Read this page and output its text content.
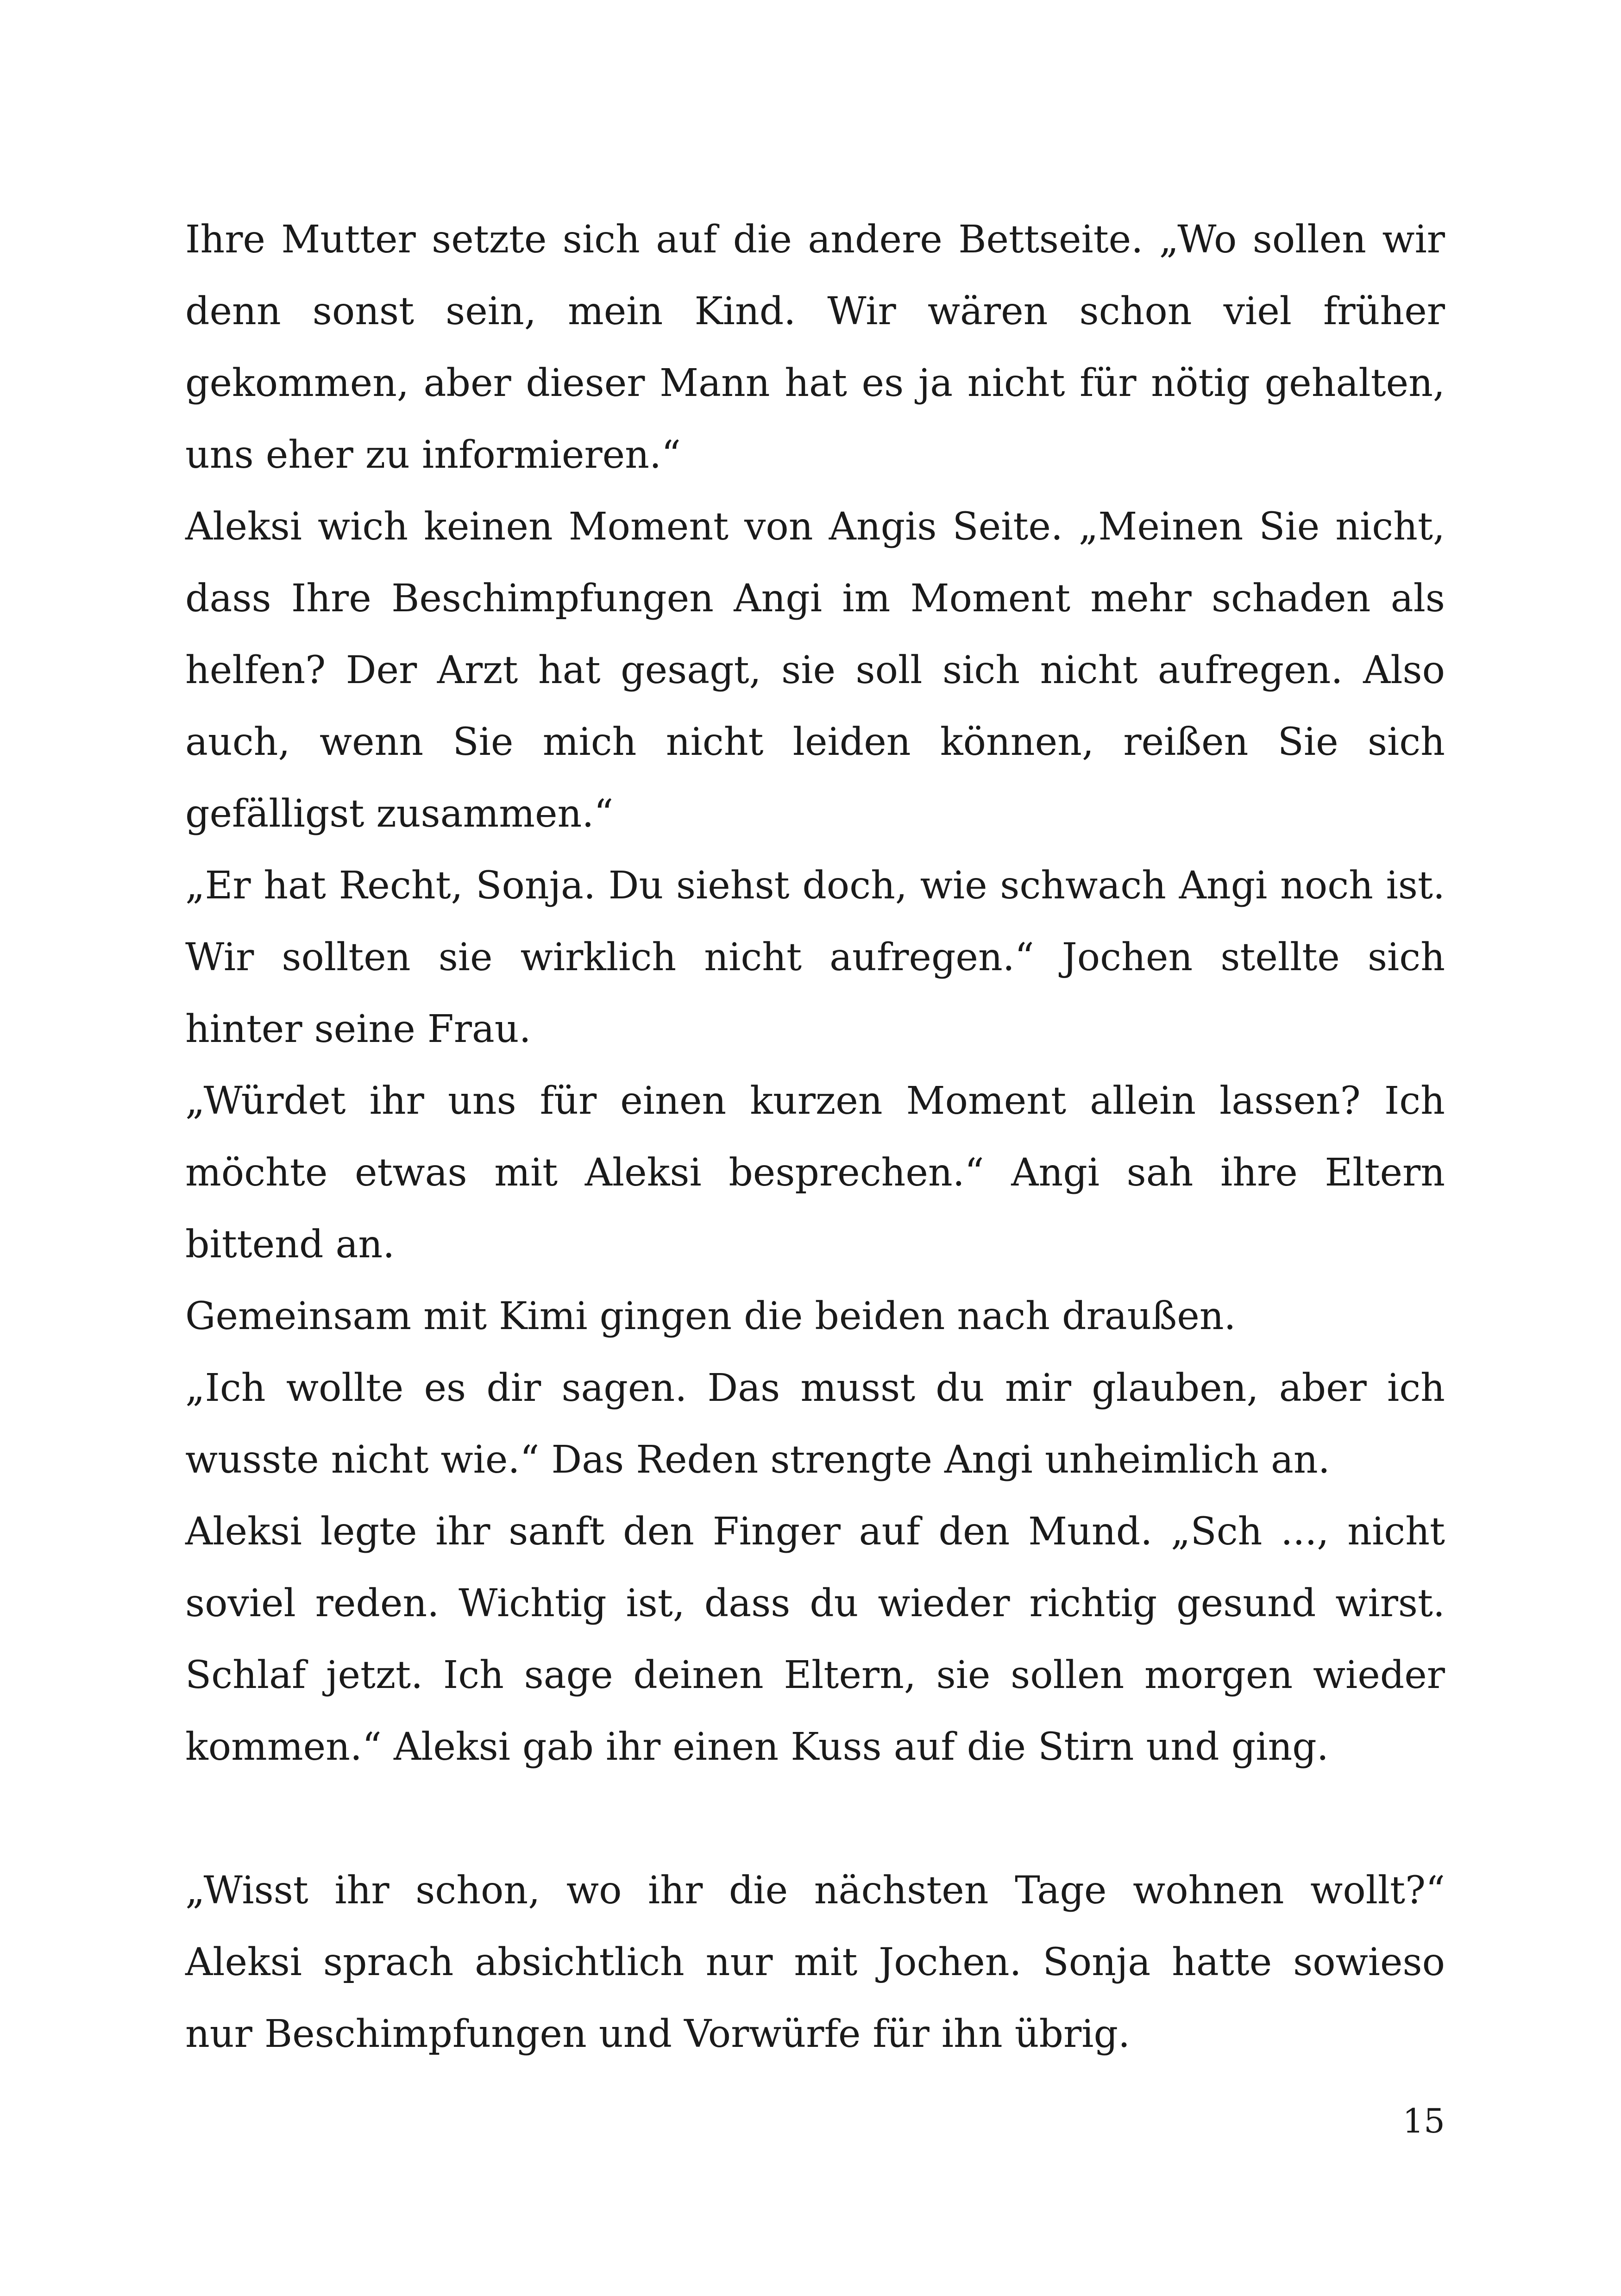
Ihre Mutter setzte sich auf die andere Bettseite. „Wo sollen wir denn sonst sein, mein Kind. Wir wären schon viel früher gekommen, aber dieser Mann hat es ja nicht für nötig gehalten, uns eher zu informieren.“

Aleksi wich keinen Moment von Angis Seite. „Meinen Sie nicht, dass Ihre Beschimpfungen Angi im Moment mehr schaden als helfen? Der Arzt hat gesagt, sie soll sich nicht aufregen. Also auch, wenn Sie mich nicht leiden können, reißen Sie sich gefälligst zusammen.“

„Er hat Recht, Sonja. Du siehst doch, wie schwach Angi noch ist. Wir sollten sie wirklich nicht aufregen.“ Jochen stellte sich hinter seine Frau.

„Würdet ihr uns für einen kurzen Moment allein lassen? Ich möchte etwas mit Aleksi besprechen.“ Angi sah ihre Eltern bittend an.

Gemeinsam mit Kimi gingen die beiden nach draußen.

„Ich wollte es dir sagen. Das musst du mir glauben, aber ich wusste nicht wie.“ Das Reden strengte Angi unheimlich an.

Aleksi legte ihr sanft den Finger auf den Mund. „Sch ..., nicht soviel reden. Wichtig ist, dass du wieder richtig gesund wirst. Schlaf jetzt. Ich sage deinen Eltern, sie sollen morgen wieder kommen.“ Aleksi gab ihr einen Kuss auf die Stirn und ging.

„Wisst ihr schon, wo ihr die nächsten Tage wohnen wollt?“ Aleksi sprach absichtlich nur mit Jochen. Sonja hatte sowieso nur Beschimpfungen und Vorwürfe für ihn übrig.

15
